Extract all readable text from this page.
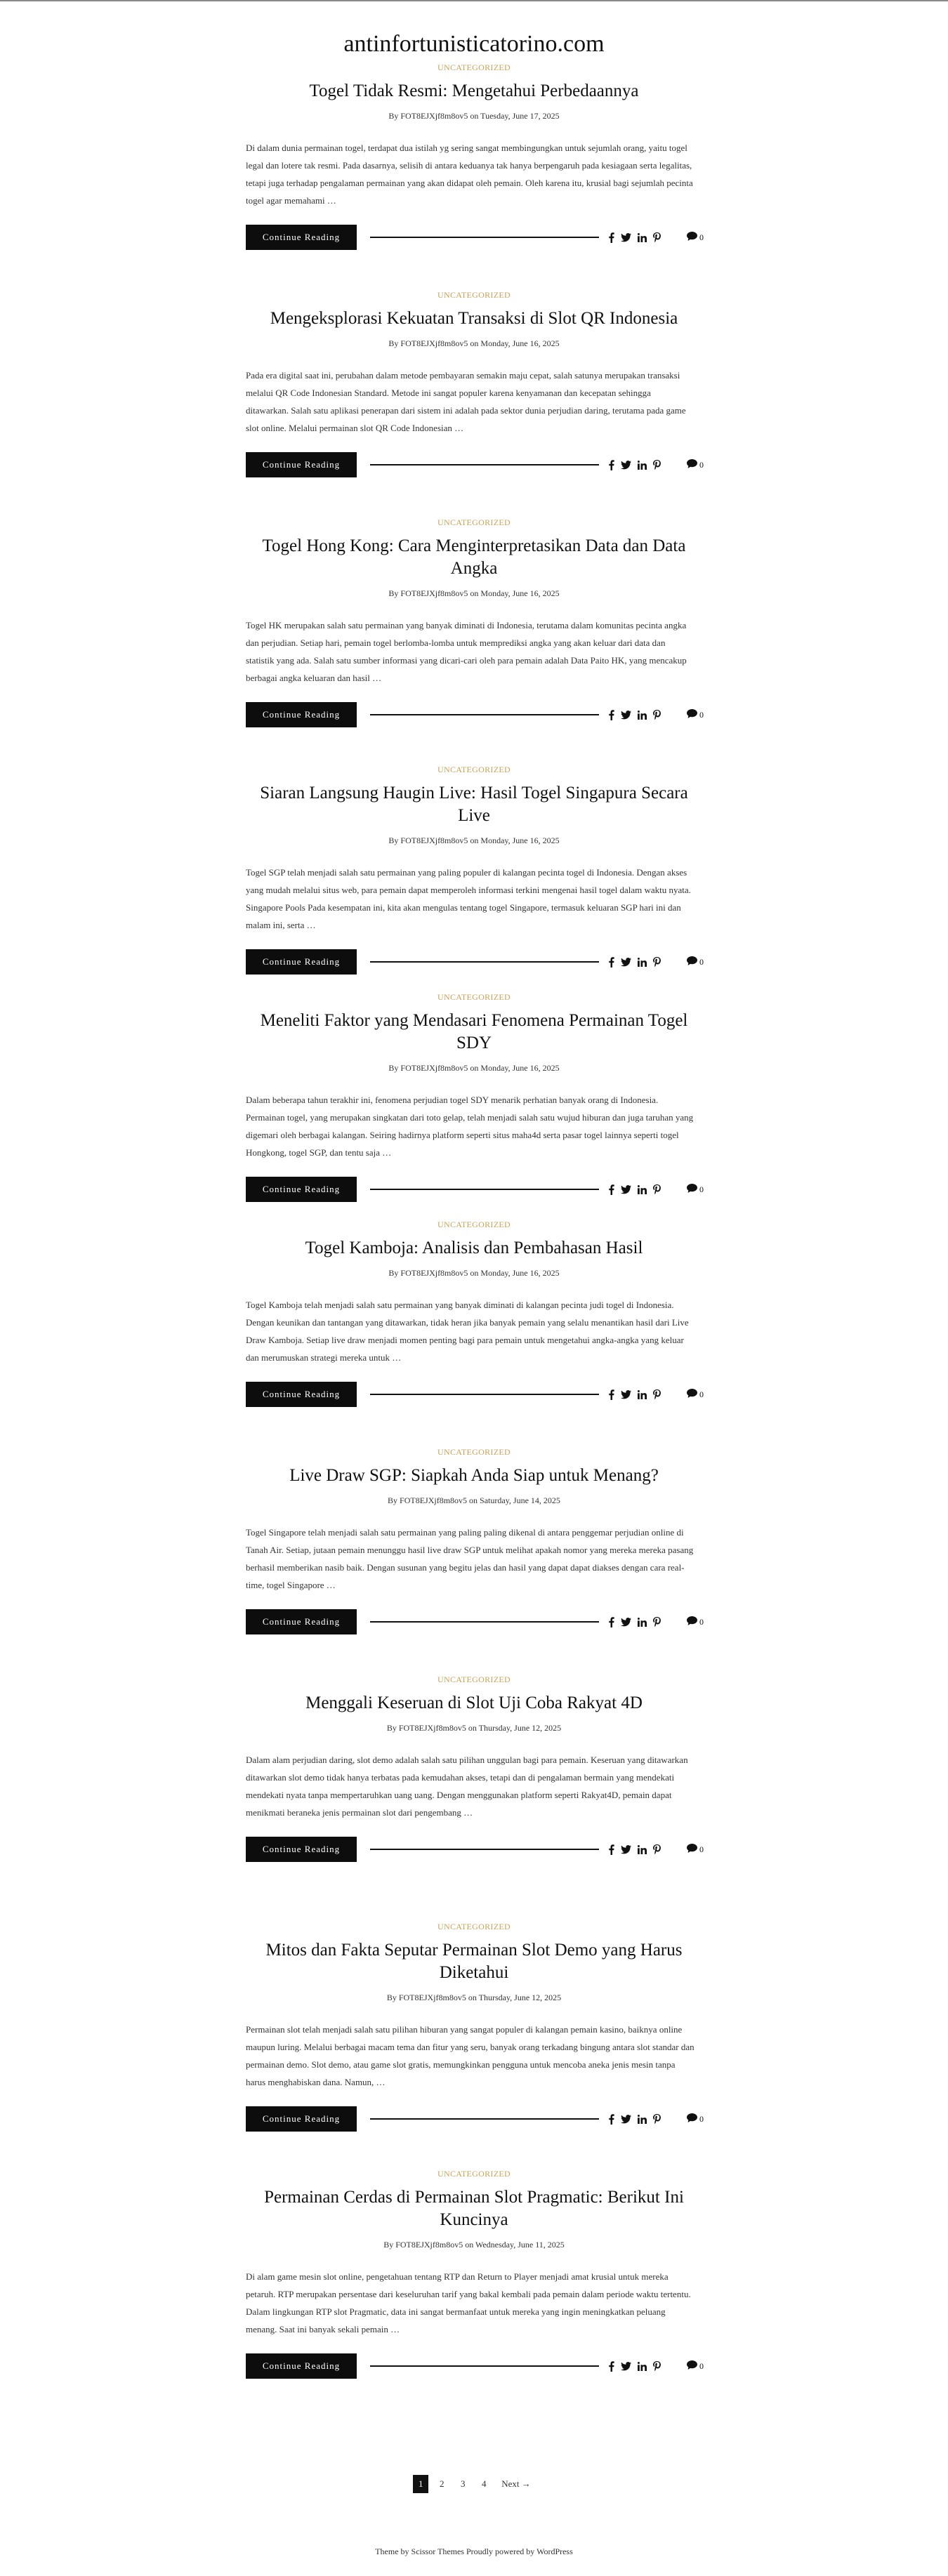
antinfortunisticatorino.com
UNCATEGORIZED
Togel Tidak Resmi: Mengetahui Perbedaannya
By FOT8EJXjf8m8ov5 on Tuesday, June 17, 2025
Di dalam dunia permainan togel, terdapat dua istilah yg sering sangat membingungkan untuk sejumlah orang, yaitu togel legal dan lotere tak resmi. Pada dasarnya, selisih di antara keduanya tak hanya berpengaruh pada kesiagaan serta legalitas, tetapi juga terhadap pengalaman permainan yang akan didapat oleh pemain. Oleh karena itu, krusial bagi sejumlah pecinta togel agar memahami …
Continue Reading	0
UNCATEGORIZED
Mengeksplorasi Kekuatan Transaksi di Slot QR Indonesia
By FOT8EJXjf8m8ov5 on Monday, June 16, 2025
Pada era digital saat ini, perubahan dalam metode pembayaran semakin maju cepat, salah satunya merupakan transaksi melalui QR Code Indonesian Standard. Metode ini sangat populer karena kenyamanan dan kecepatan sehingga ditawarkan. Salah satu aplikasi penerapan dari sistem ini adalah pada sektor dunia perjudian daring, terutama pada game slot online. Melalui permainan slot QR Code Indonesian …
Continue Reading	0
UNCATEGORIZED
Togel Hong Kong: Cara Menginterpretasikan Data dan Data Angka
By FOT8EJXjf8m8ov5 on Monday, June 16, 2025
Togel HK merupakan salah satu permainan yang banyak diminati di Indonesia, terutama dalam komunitas pecinta angka dan perjudian. Setiap hari, pemain togel berlomba-lomba untuk memprediksi angka yang akan keluar dari data dan statistik yang ada. Salah satu sumber informasi yang dicari-cari oleh para pemain adalah Data Paito HK, yang mencakup berbagai angka keluaran dan hasil …
Continue Reading	0
UNCATEGORIZED
Siaran Langsung Haugin Live: Hasil Togel Singapura Secara Live
By FOT8EJXjf8m8ov5 on Monday, June 16, 2025
Togel SGP telah menjadi salah satu permainan yang paling populer di kalangan pecinta togel di Indonesia. Dengan akses yang mudah melalui situs web, para pemain dapat memperoleh informasi terkini mengenai hasil togel dalam waktu nyata. Singapore Pools Pada kesempatan ini, kita akan mengulas tentang togel Singapore, termasuk keluaran SGP hari ini dan malam ini, serta …
Continue Reading	0
UNCATEGORIZED
Meneliti Faktor yang Mendasari Fenomena Permainan Togel SDY
By FOT8EJXjf8m8ov5 on Monday, June 16, 2025
Dalam beberapa tahun terakhir ini, fenomena perjudian togel SDY menarik perhatian banyak orang di Indonesia. Permainan togel, yang merupakan singkatan dari toto gelap, telah menjadi salah satu wujud hiburan dan juga taruhan yang digemari oleh berbagai kalangan. Seiring hadirnya platform seperti situs maha4d serta pasar togel lainnya seperti togel Hongkong, togel SGP, dan tentu saja …
Continue Reading	0
UNCATEGORIZED
Togel Kamboja: Analisis dan Pembahasan Hasil
By FOT8EJXjf8m8ov5 on Monday, June 16, 2025
Togel Kamboja telah menjadi salah satu permainan yang banyak diminati di kalangan pecinta judi togel di Indonesia. Dengan keunikan dan tantangan yang ditawarkan, tidak heran jika banyak pemain yang selalu menantikan hasil dari Live Draw Kamboja. Setiap live draw menjadi momen penting bagi para pemain untuk mengetahui angka-angka yang keluar dan merumuskan strategi mereka untuk …
Continue Reading	0
UNCATEGORIZED
Live Draw SGP: Siapkah Anda Siap untuk Menang?
By FOT8EJXjf8m8ov5 on Saturday, June 14, 2025
Togel Singapore telah menjadi salah satu permainan yang paling paling dikenal di antara penggemar perjudian online di Tanah Air. Setiap, jutaan pemain menunggu hasil live draw SGP untuk melihat apakah nomor yang mereka mereka pasang berhasil memberikan nasib baik. Dengan susunan yang begitu jelas dan hasil yang dapat dapat diakses dengan cara real-time, togel Singapore …
Continue Reading	0
UNCATEGORIZED
Menggali Keseruan di Slot Uji Coba Rakyat 4D
By FOT8EJXjf8m8ov5 on Thursday, June 12, 2025
Dalam alam perjudian daring, slot demo adalah salah satu pilihan unggulan bagi para pemain. Keseruan yang ditawarkan ditawarkan slot demo tidak hanya terbatas pada kemudahan akses, tetapi dan di pengalaman bermain yang mendekati mendekati nyata tanpa mempertaruhkan uang uang. Dengan menggunakan platform seperti Rakyat4D, pemain dapat menikmati beraneka jenis permainan slot dari pengembang …
Continue Reading	0
UNCATEGORIZED
Mitos dan Fakta Seputar Permainan Slot Demo yang Harus Diketahui
By FOT8EJXjf8m8ov5 on Thursday, June 12, 2025
Permainan slot telah menjadi salah satu pilihan hiburan yang sangat populer di kalangan pemain kasino, baiknya online maupun luring. Melalui berbagai macam tema dan fitur yang seru, banyak orang terkadang bingung antara slot standar dan permainan demo. Slot demo, atau game slot gratis, memungkinkan pengguna untuk mencoba aneka jenis mesin tanpa harus menghabiskan dana. Namun, …
Continue Reading	0
UNCATEGORIZED
Permainan Cerdas di Permainan Slot Pragmatic: Berikut Ini Kuncinya
By FOT8EJXjf8m8ov5 on Wednesday, June 11, 2025
Di alam game mesin slot online, pengetahuan tentang RTP dan Return to Player menjadi amat krusial untuk mereka petaruh. RTP merupakan persentase dari keseluruhan tarif yang bakal kembali pada pemain dalam periode waktu tertentu. Dalam lingkungan RTP slot Pragmatic, data ini sangat bermanfaat untuk mereka yang ingin meningkatkan peluang menang. Saat ini banyak sekali pemain …
Continue Reading	0
1	2	3	4	Next →
Theme by Scissor Themes Proudly powered by WordPress
